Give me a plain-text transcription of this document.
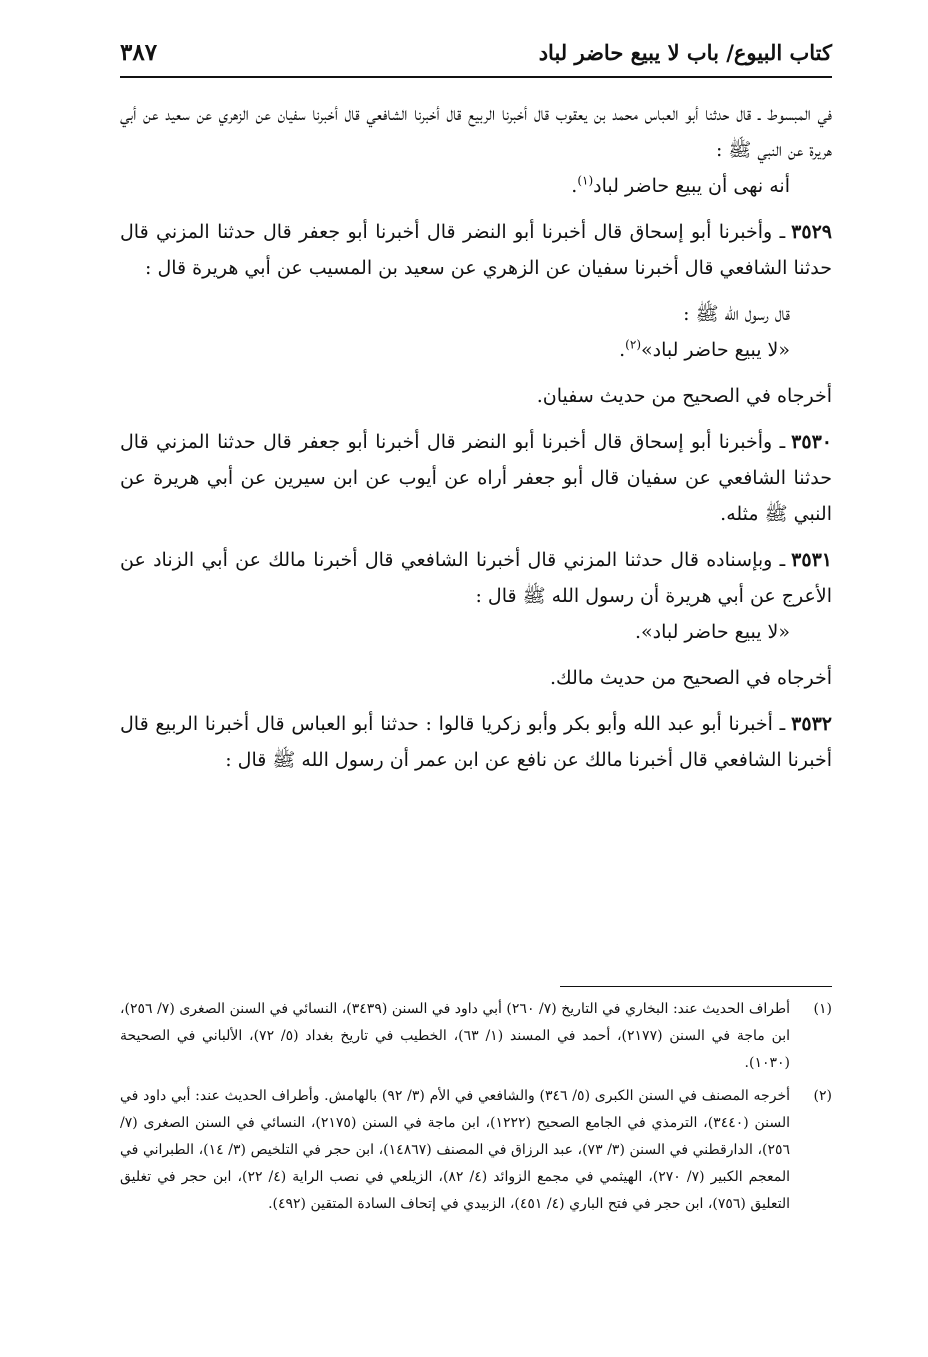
كتاب البيوع/ باب لا يبيع حاضر لباد
٣٨٧

في المبسوط ـ قال حدثنا أبو العباس محمد بن يعقوب قال أخبرنا الربيع قال أخبرنا الشافعي قال أخبرنا سفيان عن الزهري عن سعيد عن أبي هريرة عن النبي ﷺ :

أنه نهى أن يبيع حاضر لباد$^{(١)}$.

٣٥٢٩ـ وأخبرنا أبو إسحاق قال أخبرنا أبو النضر قال أخبرنا أبو جعفر قال حدثنا المزني قال حدثنا الشافعي قال أخبرنا سفيان عن الزهري عن سعيد بن المسيب عن أبي هريرة قال :

قال رسول الله ﷺ :

«لا يبيع حاضر لباد»$^{(٢)}$.

أخرجاه في الصحيح من حديث سفيان.

٣٥٣٠ـ وأخبرنا أبو إسحاق قال أخبرنا أبو النضر قال أخبرنا أبو جعفر قال حدثنا المزني قال حدثنا الشافعي عن سفيان قال أبو جعفر أراه عن أيوب عن ابن سيرين عن أبي هريرة عن النبي ﷺ مثله.

٣٥٣١ـ وبإسناده قال حدثنا المزني قال أخبرنا الشافعي قال أخبرنا مالك عن أبي الزناد عن الأعرج عن أبي هريرة أن رسول الله ﷺ قال :

«لا يبيع حاضر لباد».

أخرجاه في الصحيح من حديث مالك.

٣٥٣٢ـ أخبرنا أبو عبد الله وأبو بكر وأبو زكريا قالوا : حدثنا أبو العباس قال أخبرنا الربيع قال أخبرنا الشافعي قال أخبرنا مالك عن نافع عن ابن عمر أن رسول الله ﷺ قال :

(١)
أطراف الحديث عند: البخاري في التاريخ (٧/ ٢٦٠) أبي داود في السنن (٣٤٣٩)، النسائي في السنن الصغرى (٧/ ٢٥٦)، ابن ماجة في السنن (٢١٧٧)، أحمد في المسند (١/ ٦٣)، الخطيب في تاريخ بغداد (٥/ ٧٢)، الألباني في الصحيحة (١٠٣٠).
(٢)
أخرجه المصنف في السنن الكبرى (٥/ ٣٤٦) والشافعي في الأم (٣/ ٩٢) بالهامش. وأطراف الحديث عند: أبي داود في السنن (٣٤٤٠)، الترمذي في الجامع الصحيح (١٢٢٢)، ابن ماجة في السنن (٢١٧٥)، النسائي في السنن الصغرى (٧/ ٢٥٦)، الدارقطني في السنن (٣/ ٧٣)، عبد الرزاق في المصنف (١٤٨٦٧)، ابن حجر في التلخيص (٣/ ١٤)، الطبراني في المعجم الكبير (٧/ ٢٧٠)، الهيثمي في مجمع الزوائد (٤/ ٨٢)، الزيلعي في نصب الراية (٤/ ٢٢)، ابن حجر في تغليق التعليق (٧٥٦)، ابن حجر في فتح الباري (٤/ ٤٥١)، الزبيدي في إتحاف السادة المتقين (٤٩٢).
